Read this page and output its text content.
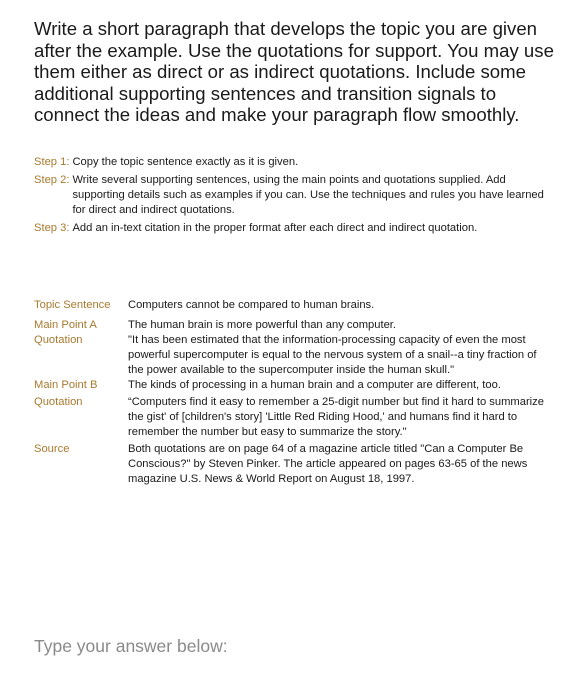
Write a short paragraph that develops the topic you are given after the example. Use the quotations for support. You may use them either as direct or as indirect quotations. Include some additional supporting sentences and transition signals to connect the ideas and make your paragraph flow smoothly.

Step 1: Copy the topic sentence exactly as it is given.
Step 2: Write several supporting sentences, using the main points and quotations supplied. Add supporting details such as examples if you can. Use the techniques and rules you have learned for direct and indirect quotations.
Step 3: Add an in-text citation in the proper format after each direct and indirect quotation.
Topic Sentence	Computers cannot be compared to human brains.
Main Point A	The human brain is more powerful than any computer.
Quotation	"It has been estimated that the information-processing capacity of even the most powerful supercomputer is equal to the nervous system of a snail--a tiny fraction of the power available to the supercomputer inside the human skull."
Main Point B	The kinds of processing in a human brain and a computer are different, too.
Quotation	“Computers find it easy to remember a 25-digit number but find it hard to summarize the gist' of [children's story] 'Little Red Riding Hood,' and humans find it hard to remember the number but easy to summarize the story."
Source	Both quotations are on page 64 of a magazine article titled "Can a Computer Be Conscious?" by Steven Pinker. The article appeared on pages 63-65 of the news magazine U.S. News & World Report on August 18, 1997.
Type your answer below:
